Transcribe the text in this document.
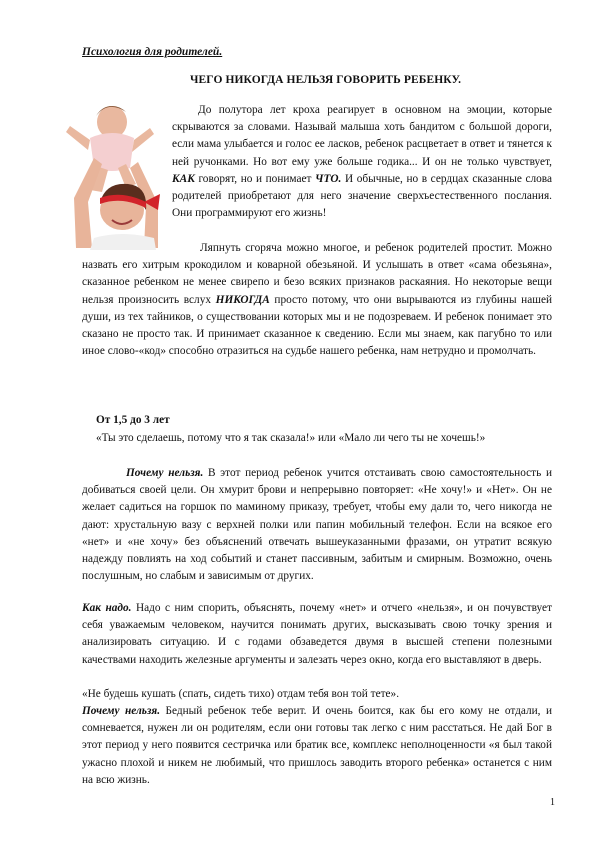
Психология для родителей.
ЧЕГО НИКОГДА НЕЛЬЗЯ ГОВОРИТЬ РЕБЕНКУ.

До полутора лет кроха реагирует в основном на эмоции, которые скрываются за словами. Называй малыша хоть бандитом с большой дороги, если мама улыбается и голос ее ласков, ребенок расцветает в ответ и тянется к ней ручонками. Но вот ему уже больше годика... И он не только чувствует, КАК говорят, но и понимает ЧТО. И обычные, но в сердцах сказанные слова родителей приобретают для него значение сверхъестественного послания. Они программируют его жизнь!

Ляпнуть сгоряча можно многое, и ребенок родителей простит. Можно назвать его хитрым крокодилом и коварной обезьяной. И услышать в ответ «сама обезьяна», сказанное ребенком не менее свирепо и безо всяких признаков раскаяния. Но некоторые вещи нельзя произносить вслух НИКОГДА просто потому, что они вырываются из глубины нашей души, из тех тайников, о существовании которых мы и не подозреваем. И ребенок понимает это сказано не просто так. И принимает сказанное к сведению. Если мы знаем, как пагубно то или иное слово-«код» способно отразиться на судьбе нашего ребенка, нам нетрудно и промолчать.

От 1,5 до 3 лет

«Ты это сделаешь, потому что я так сказала!» или «Мало ли чего ты не хочешь!»

Почему нельзя. В этот период ребенок учится отстаивать свою самостоятельность и добиваться своей цели. Он хмурит брови и непрерывно повторяет: «Не хочу!» и «Нет». Он не желает садиться на горшок по маминому приказу, требует, чтобы ему дали то, чего никогда не дают: хрустальную вазу с верхней полки или папин мобильный телефон. Если на всякое его «нет» и «не хочу» без объяснений отвечать вышеуказанными фразами, он утратит всякую надежду повлиять на ход событий и станет пассивным, забитым и смирным. Возможно, очень послушным, но слабым и зависимым от других.

Как надо. Надо с ним спорить, объяснять, почему «нет» и отчего «нельзя», и он почувствует себя уважаемым человеком, научится понимать других, высказывать свою точку зрения и анализировать ситуацию. И с годами обзаведется двумя в высшей степени полезными качествами находить железные аргументы и залезать через окно, когда его выставляют в дверь.

«Не будешь кушать (спать, сидеть тихо) отдам тебя вон той тете».

Почему нельзя. Бедный ребенок тебе верит. И очень боится, как бы его кому не отдали, и сомневается, нужен ли он родителям, если они готовы так легко с ним расстаться. Не дай Бог в этот период у него появится сестричка или братик все, комплекс неполноценности «я был такой ужасно плохой и никем не любимый, что пришлось заводить второго ребенка» останется с ним на всю жизнь.

1
